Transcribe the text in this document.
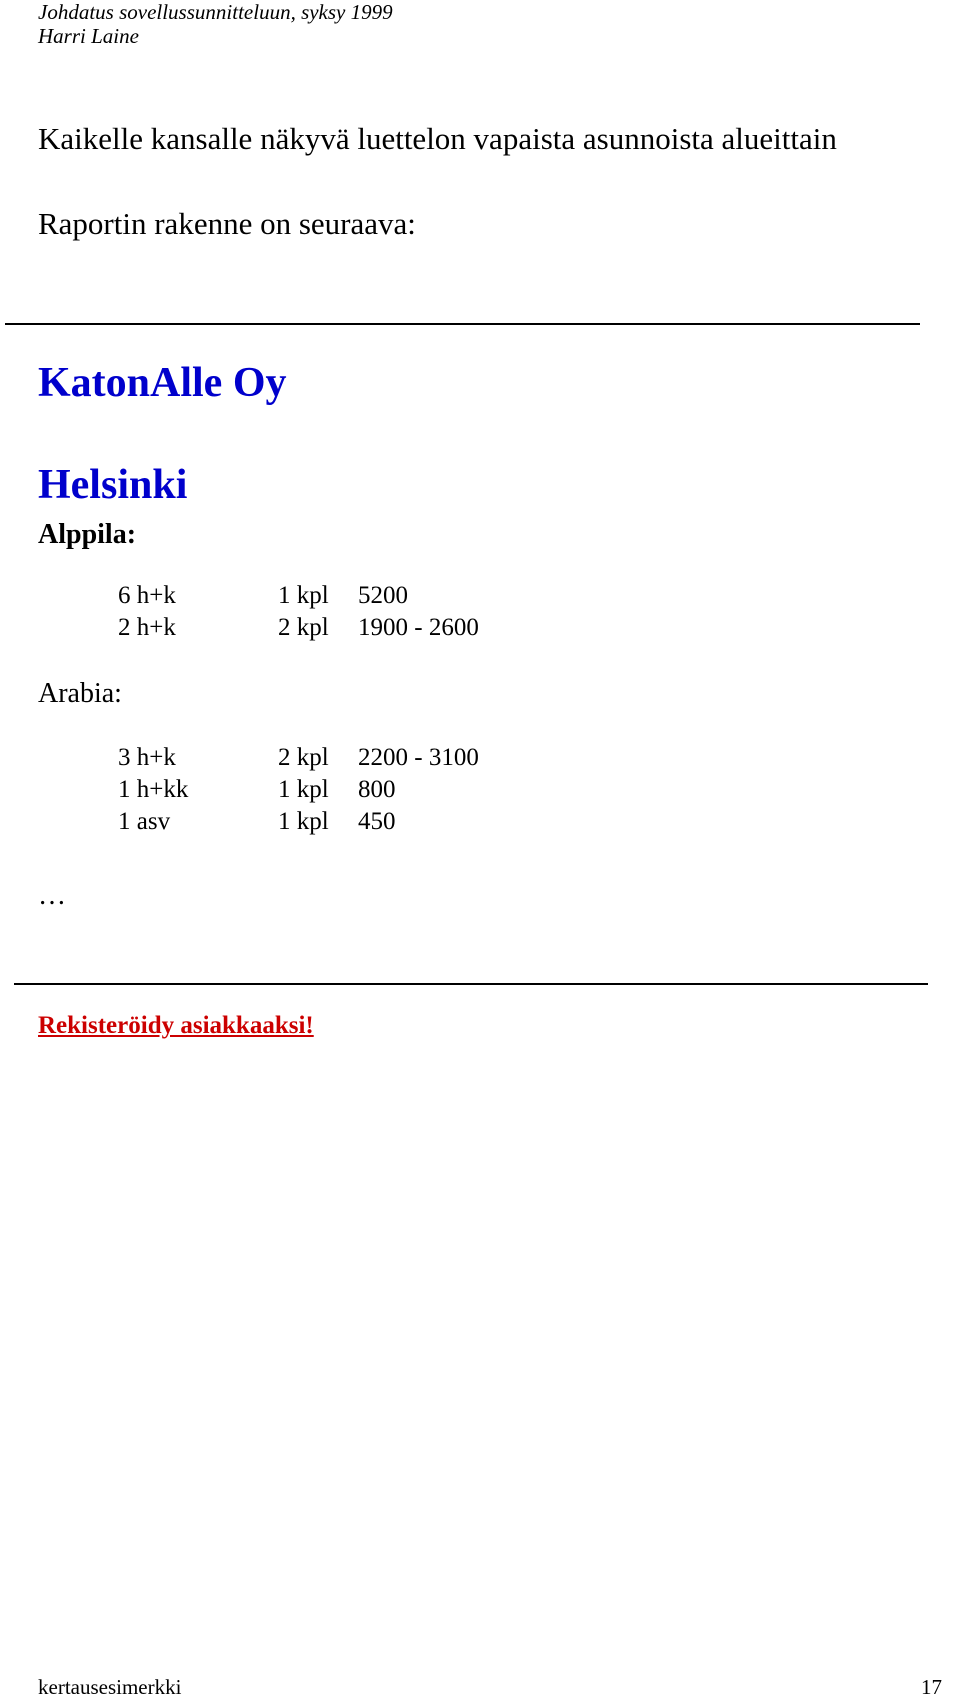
Johdatus sovellussunnitteluun, syksy 1999
Harri Laine
Kaikelle kansalle näkyvä luettelon vapaista asunnoista alueittain
Raportin rakenne on seuraava:
KatonAlle Oy
Helsinki
Alppila:
6 h+k	1 kpl 5200
2 h+k	2 kpl 1900 - 2600
Arabia:
3 h+k	2 kpl 2200 - 3100
1 h+kk	1 kpl 800
1 asv	1 kpl 450
…
Rekisteröidy asiakkaaksi!
kertausesimerkki	17
